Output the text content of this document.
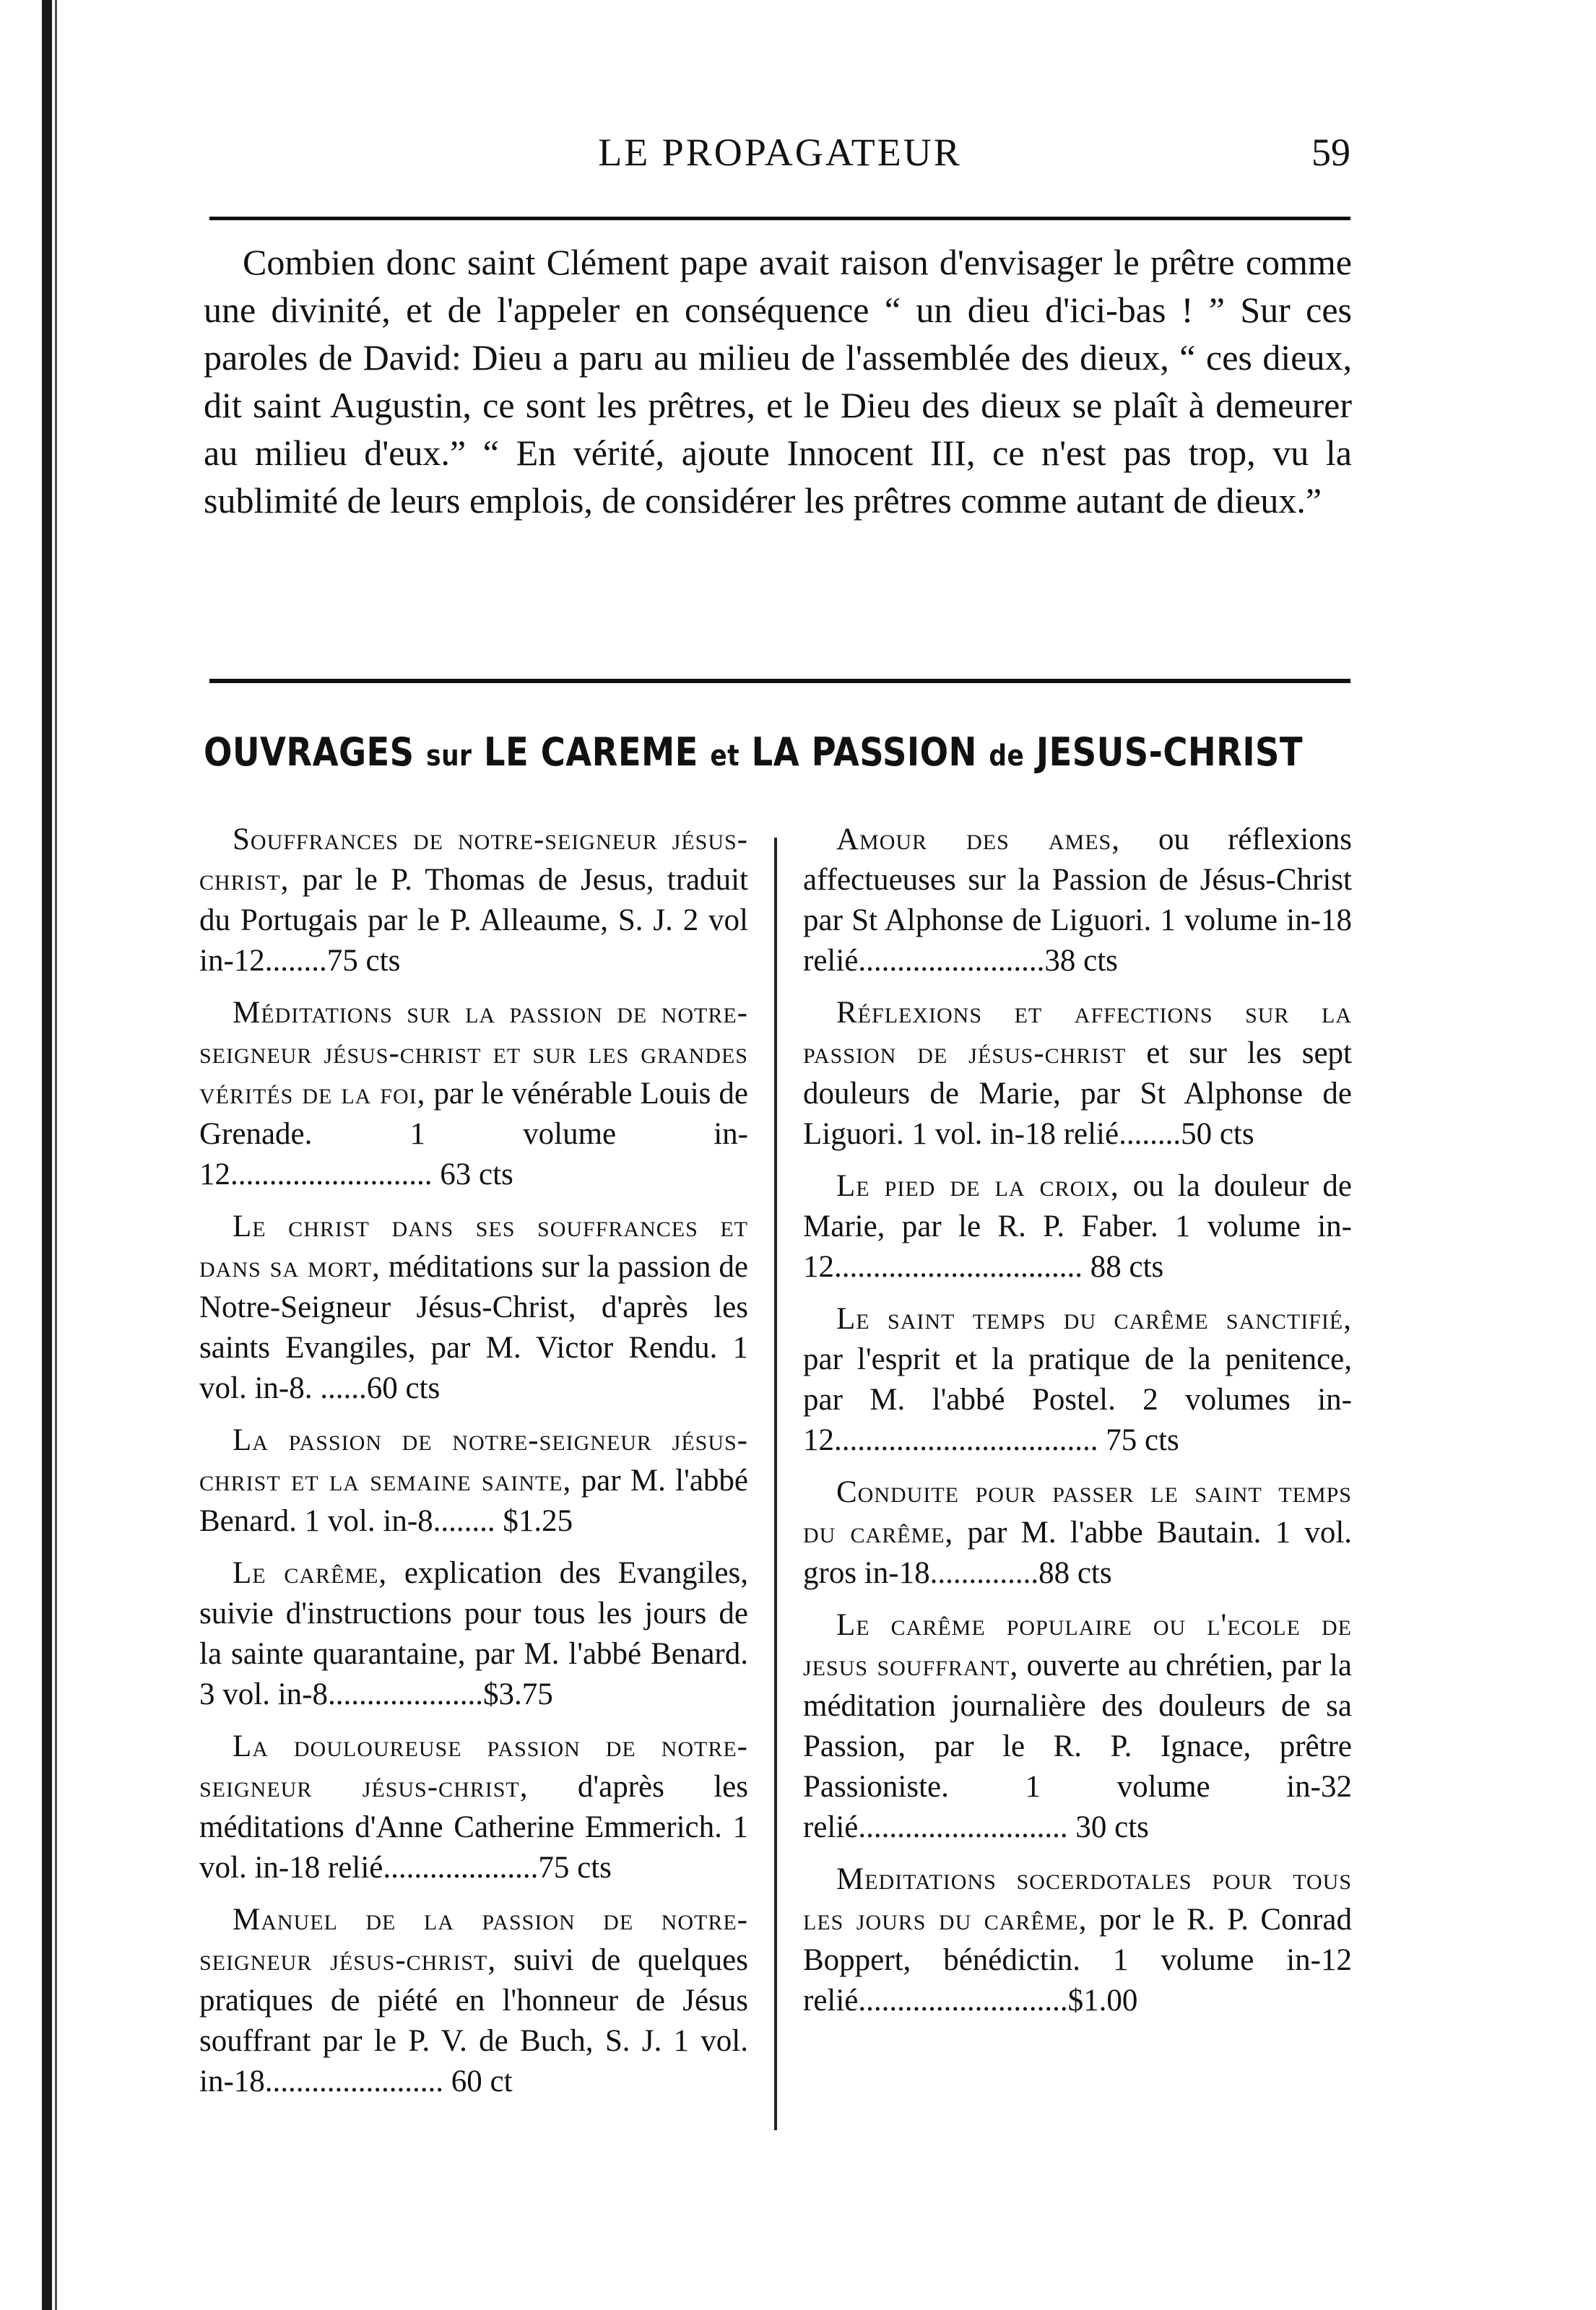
LE PROPAGATEUR	59

Combien donc saint Clément pape avait raison d'envisager le prêtre comme une divinité, et de l'appeler en conséquence “ un dieu d'ici-bas ! ” Sur ces paroles de David: Dieu a paru au milieu de l'assemblée des dieux, “ ces dieux, dit saint Augustin, ce sont les prêtres, et le Dieu des dieux se plaît à demeurer au milieu d'eux.” “ En vérité, ajoute Innocent III, ce n'est pas trop, vu la sublimité de leurs emplois, de considérer les prêtres comme autant de dieux.”

OUVRAGES sur LE CAREME et LA PASSION de JESUS-CHRIST

Souffrances de notre-seigneur jésus-christ, par le P. Thomas de Jesus, traduit du Portugais par le P. Alleaume, S. J. 2 vol in-12........75 cts

Méditations sur la passion de notre-seigneur jésus-christ et sur les grandes vérités de la foi, par le vénérable Louis de Grenade. 1 volume in-12.......................... 63 cts

Le christ dans ses souffrances et dans sa mort, méditations sur la passion de Notre-Seigneur Jésus-Christ, d'après les saints Evangiles, par M. Victor Rendu. 1 vol. in-8. ......60 cts

La passion de notre-seigneur jésus-christ et la semaine sainte, par M. l'abbé Benard. 1 vol. in-8........ $1.25

Le carême, explication des Evangiles, suivie d'instructions pour tous les jours de la sainte quarantaine, par M. l'abbé Benard. 3 vol. in-8....................$3.75

La douloureuse passion de notre-seigneur jésus-christ, d'après les méditations d'Anne Catherine Emmerich. 1 vol. in-18 relié....................75 cts

Manuel de la passion de notre-seigneur jésus-christ, suivi de quelques pratiques de piété en l'honneur de Jésus souffrant par le P. V. de Buch, S. J. 1 vol. in-18....................... 60 ct

Amour des ames, ou réflexions affectueuses sur la Passion de Jésus-Christ par St Alphonse de Liguori. 1 volume in-18 relié........................38 cts

Réflexions et affections sur la passion de jésus-christ et sur les sept douleurs de Marie, par St Alphonse de Liguori. 1 vol. in-18 relié........50 cts

Le pied de la croix, ou la douleur de Marie, par le R. P. Faber. 1 volume in-12................................ 88 cts

Le saint temps du carême sanctifié, par l'esprit et la pratique de la penitence, par M. l'abbé Postel. 2 volumes in-12.................................. 75 cts

Conduite pour passer le saint temps du carême, par M. l'abbe Bautain. 1 vol. gros in-18..............88 cts

Le carême populaire ou l'ecole de jesus souffrant, ouverte au chrétien, par la méditation journalière des douleurs de sa Passion, par le R. P. Ignace, prêtre Passioniste. 1 volume in-32 relié........................... 30 cts

Meditations socerdotales pour tous les jours du carême, por le R. P. Conrad Boppert, bénédictin. 1 volume in-12 relié...........................$1.00
